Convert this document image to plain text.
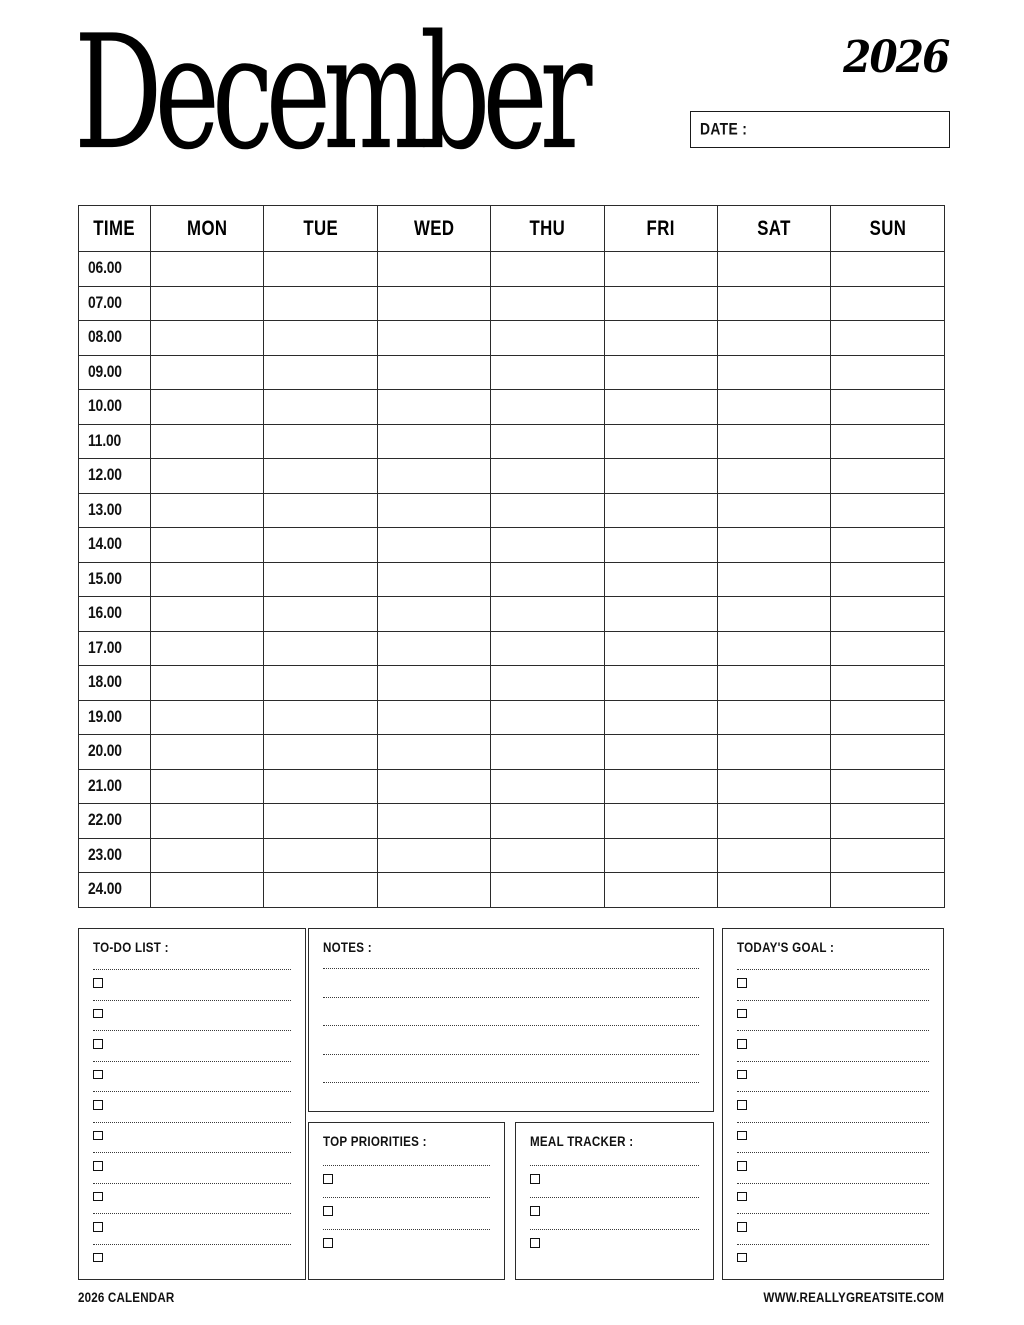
December	2026
DATE :
TIME	MON	TUE	WED	THU	FRI	SAT	SUN
06.00							
07.00							
08.00							
09.00							
10.00							
11.00							
12.00							
13.00							
14.00							
15.00							
16.00							
17.00							
18.00							
19.00							
20.00							
21.00							
22.00							
23.00							
24.00							
TO-DO LIST :	NOTES :	TODAY'S GOAL :
TOP PRIORITIES :	MEAL TRACKER :
2026 CALENDAR	WWW.REALLYGREATSITE.COM
